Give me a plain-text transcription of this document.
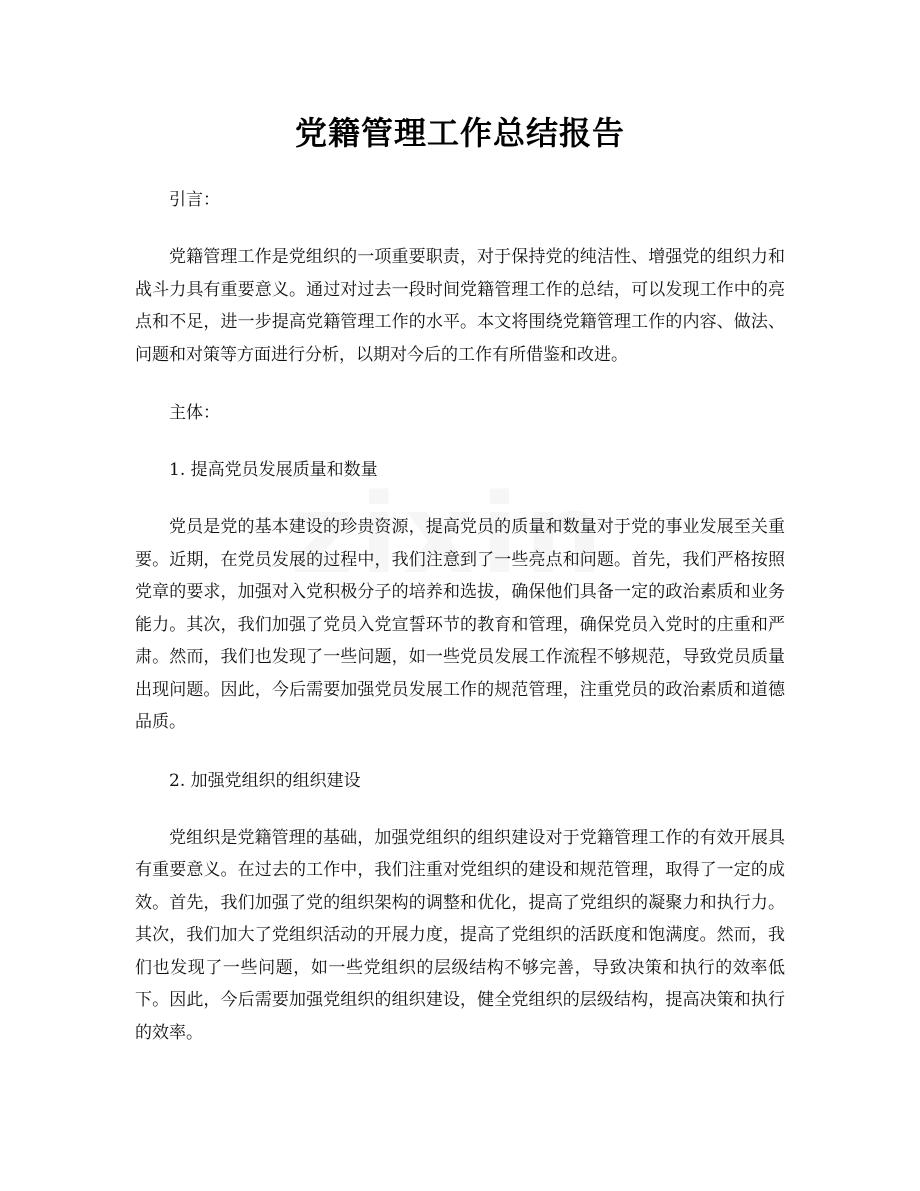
党籍管理工作总结报告

引言：

党籍管理工作是党组织的一项重要职责，对于保持党的纯洁性、增强党的组织力和战斗力具有重要意义。通过对过去一段时间党籍管理工作的总结，可以发现工作中的亮点和不足，进一步提高党籍管理工作的水平。本文将围绕党籍管理工作的内容、做法、问题和对策等方面进行分析，以期对今后的工作有所借鉴和改进。

主体：

1. 提高党员发展质量和数量

党员是党的基本建设的珍贵资源，提高党员的质量和数量对于党的事业发展至关重要。近期，在党员发展的过程中，我们注意到了一些亮点和问题。首先，我们严格按照党章的要求，加强对入党积极分子的培养和选拔，确保他们具备一定的政治素质和业务能力。其次，我们加强了党员入党宣誓环节的教育和管理，确保党员入党时的庄重和严肃。然而，我们也发现了一些问题，如一些党员发展工作流程不够规范，导致党员质量出现问题。因此，今后需要加强党员发展工作的规范管理，注重党员的政治素质和道德品质。

2. 加强党组织的组织建设

党组织是党籍管理的基础，加强党组织的组织建设对于党籍管理工作的有效开展具有重要意义。在过去的工作中，我们注重对党组织的建设和规范管理，取得了一定的成效。首先，我们加强了党的组织架构的调整和优化，提高了党组织的凝聚力和执行力。其次，我们加大了党组织活动的开展力度，提高了党组织的活跃度和饱满度。然而，我们也发现了一些问题，如一些党组织的层级结构不够完善，导致决策和执行的效率低下。因此，今后需要加强党组织的组织建设，健全党组织的层级结构，提高决策和执行的效率。
